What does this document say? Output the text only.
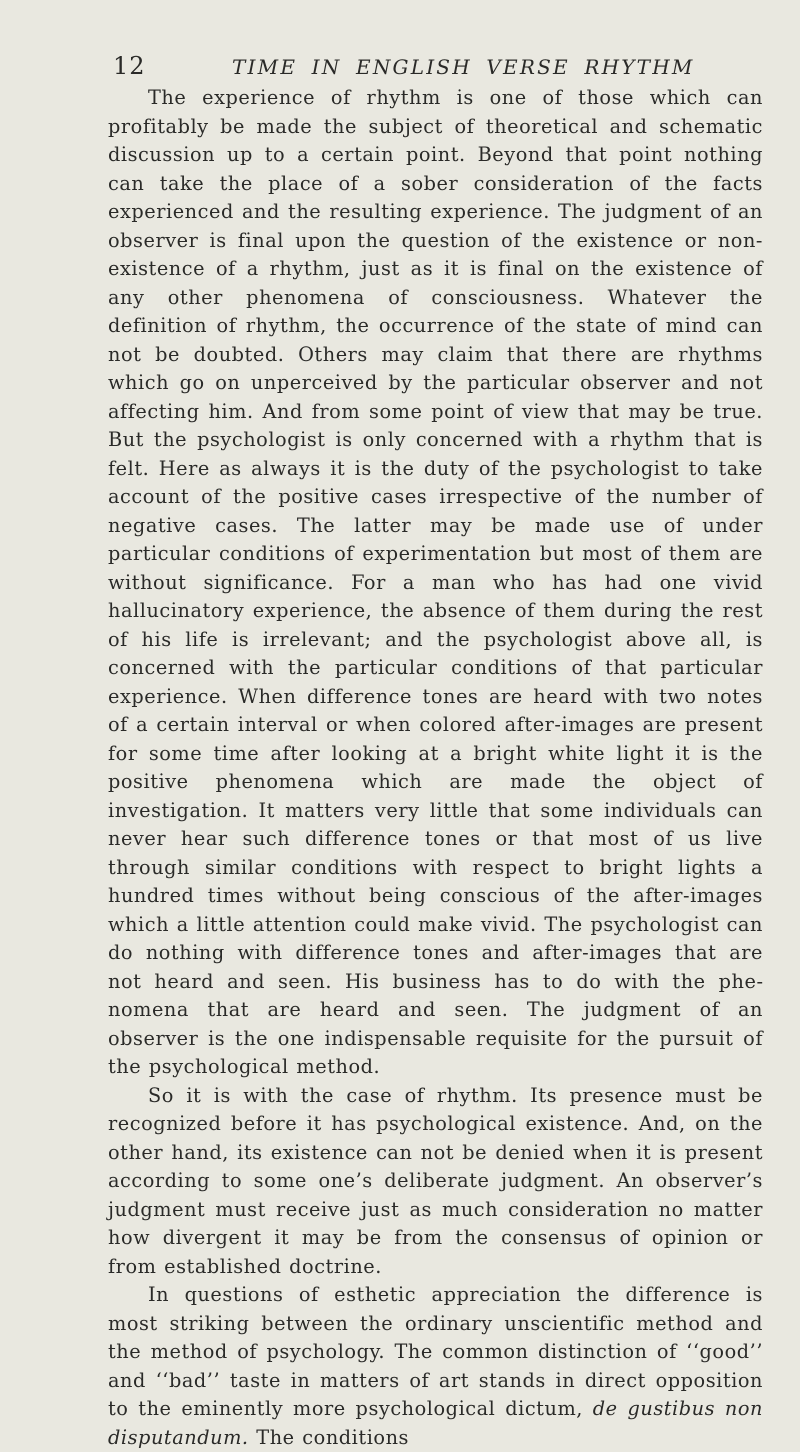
12	TIME IN ENGLISH VERSE RHYTHM

The experience of rhythm is one of those which can profitably be made the subject of theoretical and schematic discussion up to a certain point. Beyond that point nothing can take the place of a sober consideration of the facts experienced and the resulting experience. The judgment of an observer is final upon the question of the existence or non-existence of a rhythm, just as it is final on the existence of any other phenomena of consciousness. Whatever the definition of rhythm, the occurrence of the state of mind can not be doubted. Others may claim that there are rhythms which go on unperceived by the particular observer and not affecting him. And from some point of view that may be true. But the psychologist is only concerned with a rhythm that is felt. Here as always it is the duty of the psychologist to take account of the positive cases irrespective of the number of negative cases. The latter may be made use of under particular conditions of experimentation but most of them are without significance. For a man who has had one vivid hallucinatory experience, the absence of them during the rest of his life is irrelevant; and the psychologist above all, is concerned with the particular conditions of that particular experience. When difference tones are heard with two notes of a certain interval or when colored after-images are present for some time after looking at a bright white light it is the positive phenomena which are made the object of investigation. It matters very little that some individuals can never hear such difference tones or that most of us live through similar conditions with respect to bright lights a hundred times without being conscious of the after-images which a little attention could make vivid. The psychologist can do nothing with difference tones and after-images that are not heard and seen. His business has to do with the phenomena that are heard and seen. The judgment of an observer is the one indispensable requisite for the pursuit of the psychological method.

So it is with the case of rhythm. Its presence must be recognized before it has psychological existence. And, on the other hand, its existence can not be denied when it is present according to some one’s deliberate judgment. An observer’s judgment must receive just as much consideration no matter how divergent it may be from the consensus of opinion or from established doctrine.

In questions of esthetic appreciation the difference is most striking between the ordinary unscientific method and the method of psychology. The common distinction of ‘‘good’’ and ‘‘bad’’ taste in matters of art stands in direct opposition to the eminently more psychological dictum, de gustibus non disputandum. The conditions
